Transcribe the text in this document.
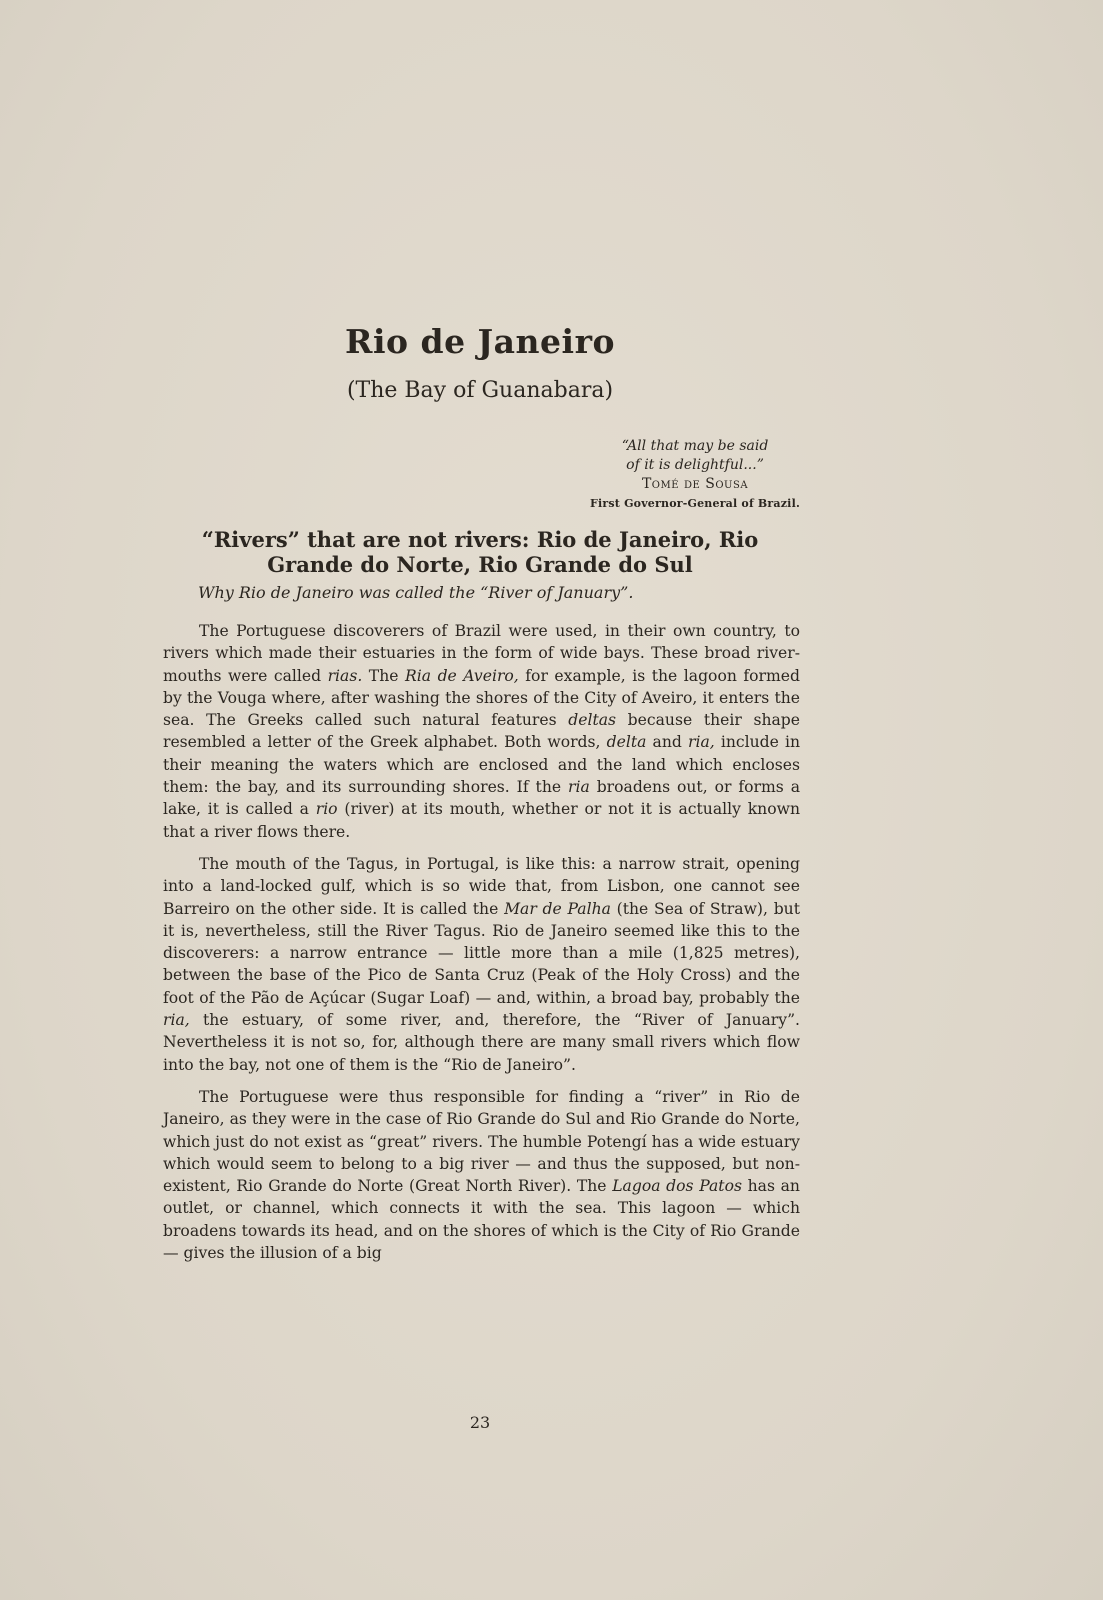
Rio de Janeiro
(The Bay of Guanabara)
“All that may be said
of it is delightful...”
Tomé de Sousa
First Governor-General of Brazil.
“Rivers” that are not rivers: Rio de Janeiro, Rio Grande do Norte, Rio Grande do Sul
Why Rio de Janeiro was called the “River of January”.

The Portuguese discoverers of Brazil were used, in their own country, to rivers which made their estuaries in the form of wide bays. These broad river-mouths were called rias. The Ria de Aveiro, for example, is the lagoon formed by the Vouga where, after washing the shores of the City of Aveiro, it enters the sea. The Greeks called such natural features deltas because their shape resembled a letter of the Greek alphabet. Both words, delta and ria, include in their meaning the waters which are enclosed and the land which encloses them: the bay, and its surrounding shores. If the ria broadens out, or forms a lake, it is called a rio (river) at its mouth, whether or not it is actually known that a river flows there.

The mouth of the Tagus, in Portugal, is like this: a narrow strait, opening into a land-locked gulf, which is so wide that, from Lisbon, one cannot see Barreiro on the other side. It is called the Mar de Palha (the Sea of Straw), but it is, nevertheless, still the River Tagus. Rio de Janeiro seemed like this to the discoverers: a narrow entrance — little more than a mile (1,825 metres), between the base of the Pico de Santa Cruz (Peak of the Holy Cross) and the foot of the Pão de Açúcar (Sugar Loaf) — and, within, a broad bay, probably the ria, the estuary, of some river, and, therefore, the “River of January”. Nevertheless it is not so, for, although there are many small rivers which flow into the bay, not one of them is the “Rio de Janeiro”.

The Portuguese were thus responsible for finding a “river” in Rio de Janeiro, as they were in the case of Rio Grande do Sul and Rio Grande do Norte, which just do not exist as “great” rivers. The humble Potengí has a wide estuary which would seem to belong to a big river — and thus the supposed, but non-existent, Rio Grande do Norte (Great North River). The Lagoa dos Patos has an outlet, or channel, which connects it with the sea. This lagoon — which broadens towards its head, and on the shores of which is the City of Rio Grande — gives the illusion of a big

23
